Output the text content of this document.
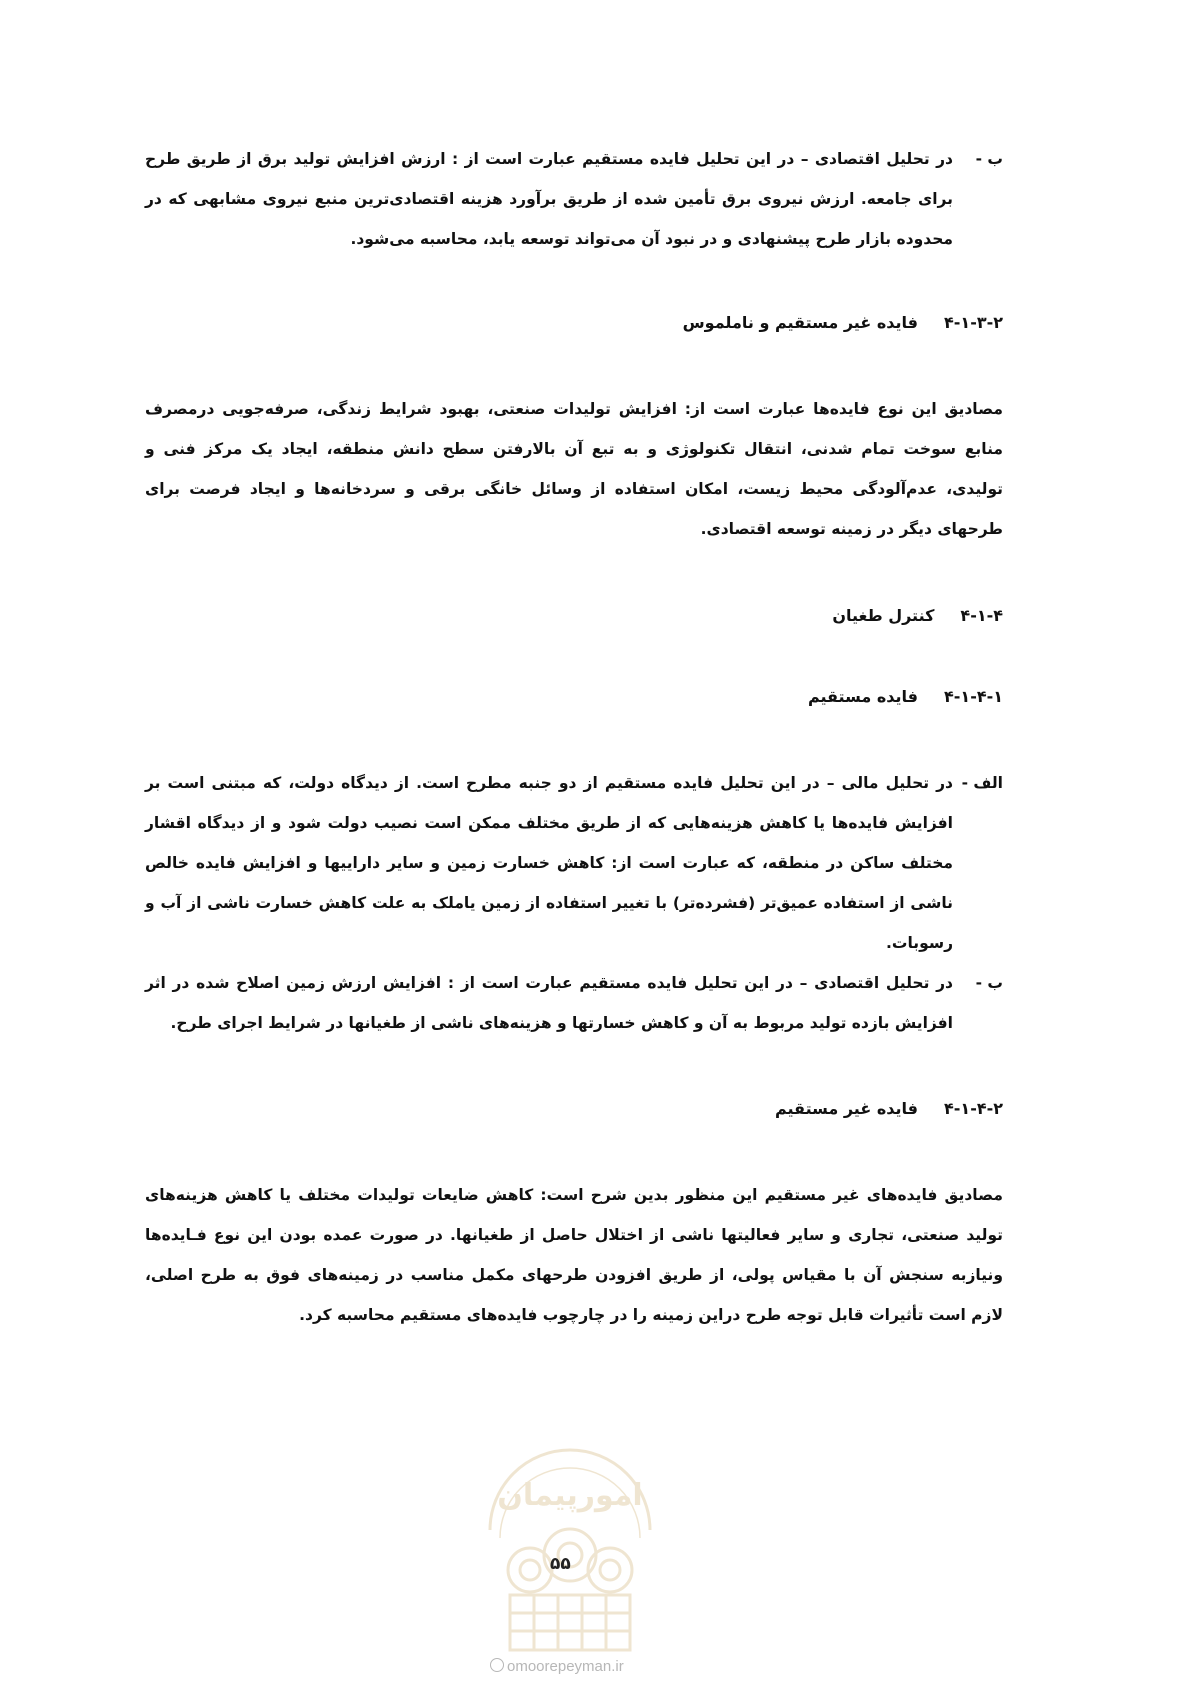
ب -
در تحلیل اقتصادی – در این تحلیل فایده مستقیم عبارت است از : ارزش افزایش تولید برق از طریق طرح برای جامعه. ارزش نیروی برق تأمین شده از طریق برآورد هزینه اقتصادی‌ترین منبع نیروی مشابهی که در محدوده بازار طرح پیشنهادی و در نبود آن می‌تواند توسعه یابد، محاسبه می‌شود.
۴-۱-۳-۲فایده غیر مستقیم و ناملموس
مصادیق این نوع فایده‌ها عبارت است از: افزایش تولیدات صنعتی، بهبود شرایط زندگی، صرفه‌جویی درمصرف منابع سوخت تمام شدنی، انتقال تکنولوژی و به تبع آن بالارفتن سطح دانش منطقه، ایجاد یک مرکز فنی و تولیدی، عدم‌آلودگی محیط زیست، امکان استفاده از وسائل خانگی برقی و سردخانه‌ها و ایجاد فرصت برای طرحهای دیگر در زمینه توسعه اقتصادی.
۴-۱-۴کنترل طغیان
۴-۱-۴-۱فایده مستقیم
الف -
در تحلیل مالی – در این تحلیل فایده مستقیم از دو جنبه مطرح است. از دیدگاه دولت، که مبتنی است بر افزایش فایده‌ها یا کاهش هزینه‌هایی که از طریق مختلف ممکن است نصیب دولت شود و از دیدگاه اقشار مختلف ساکن در منطقه، که عبارت است از: کاهش خسارت زمین و سایر داراییها و افزایش فایده خالص ناشی از استفاده عمیق‌تر (فشرده‌تر) با تغییر استفاده از زمین یاملک به علت کاهش خسارت ناشی از آب و رسوبات.
ب -
در تحلیل اقتصادی – در این تحلیل فایده مستقیم عبارت است از : افزایش ارزش زمین اصلاح شده در اثر افزایش بازده تولید مربوط به آن و کاهش خسارتها و هزینه‌های ناشی از طغیانها در شرایط اجرای طرح.
۴-۱-۴-۲فایده غیر مستقیم
مصادیق فایده‌های غیر مستقیم این منظور بدین شرح است: کاهش ضایعات تولیدات مختلف یا کاهش هزینه‌های تولید صنعتی، تجاری و سایر فعالیتها ناشی از اختلال حاصل از طغیانها. در صورت عمده بودن این نوع فـایده‌ها ونیازبه سنجش آن با مقیاس پولی، از طریق افزودن طرحهای مکمل مناسب در زمینه‌های فوق به طرح اصلی، لازم است تأثیرات قابل توجه طرح دراین زمینه را در چارچوب فایده‌های مستقیم محاسبه کرد.
امورپیمان
۵۵
omoorepeyman.ir
